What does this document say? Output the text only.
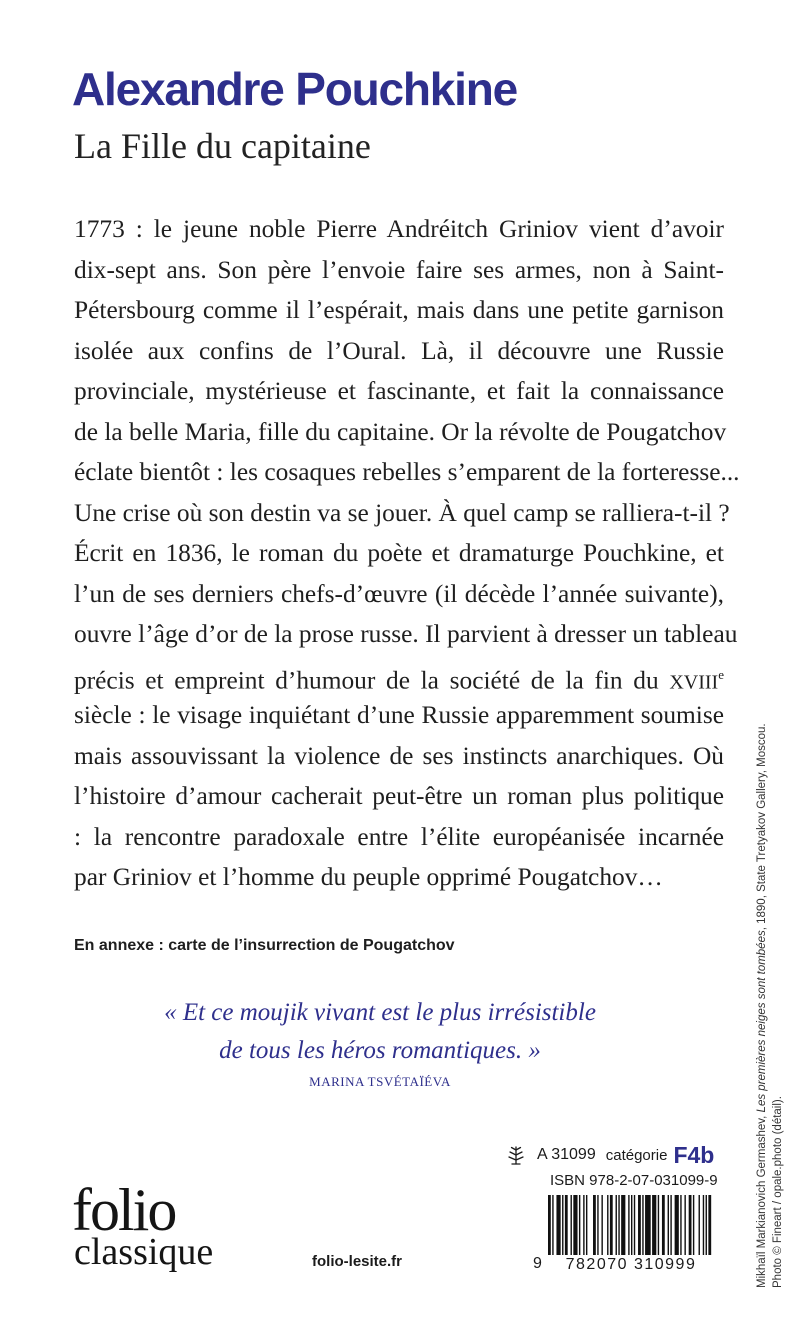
Alexandre Pouchkine
La Fille du capitaine
1773 : le jeune noble Pierre Andréitch Griniov vient d’avoir
dix-sept ans. Son père l’envoie faire ses armes, non à Saint-
Pétersbourg comme il l’espérait, mais dans une petite garnison
isolée aux confins de l’Oural. Là, il découvre une Russie
provinciale, mystérieuse et fascinante, et fait la connaissance
de la belle Maria, fille du capitaine. Or la révolte de Pougatchov
éclate bientôt : les cosaques rebelles s’emparent de la forteresse...
Une crise où son destin va se jouer. À quel camp se ralliera-t-il ?
Écrit en 1836, le roman du poète et dramaturge Pouchkine, et
l’un de ses derniers chefs-d’œuvre (il décède l’année suivante),
ouvre l’âge d’or de la prose russe. Il parvient à dresser un tableau
précis et empreint d’humour de la société de la fin du XVIIIe
siècle : le visage inquiétant d’une Russie apparemment soumise
mais assouvissant la violence de ses instincts anarchiques. Où
l’histoire d’amour cacherait peut-être un roman plus politique
: la rencontre paradoxale entre l’élite européanisée incarnée
par Griniov et l’homme du peuple opprimé Pougatchov…
En annexe : carte de l’insurrection de Pougatchov
« Et ce moujik vivant est le plus irrésistible
de tous les héros romantiques. »
MARINA TSVÉTAÏÉVA
A 31099 catégorie F4b
ISBN 978-2-07-031099-9
9	782070 310999
folio
classique	folio-lesite.fr	Mikhaïl Markianovich Germashev, Les premières neiges sont tombées, 1890, State Tretyakov Gallery, Moscou.
Photo © Fineart / opale.photo (détail).
